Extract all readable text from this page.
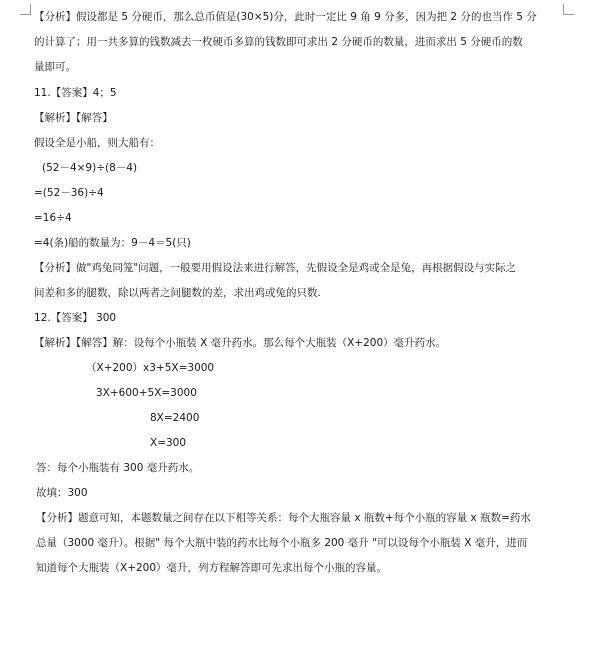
【分析】假设都是 5 分硬币，那么总币值是(30×5)分，此时一定比 9 角 9 分多，因为把 2 分的也当作 5 分
的计算了；用一共多算的钱数减去一枚硬币多算的钱数即可求出 2 分硬币的数量，进而求出 5 分硬币的数
量即可。
11.【答案】4；5
【解析】【解答】
假设全是小船，则大船有：
(52－4×9)÷(8－4)
=(52－36)÷4
=16÷4
=4(条)船的数量为：9－4＝5(只)
【分析】做"鸡兔同笼"问题，一般要用假设法来进行解答，先假设全是鸡或全是兔，再根据假设与实际之
间差和多的腿数，除以两者之间腿数的差，求出鸡或兔的只数.
12.【答案】 300
【解析】【解答】解：设每个小瓶装 X 毫升药水。那么每个大瓶装（X+200）毫升药水。
（X+200）x3+5X=3000
3X+600+5X=3000
8X=2400
X=300
答：每个小瓶装有 300 毫升药水。
故填：300
【分析】题意可知，本题数量之间存在以下相等关系：每个大瓶容量 x 瓶数+每个小瓶的容量 x 瓶数=药水
总量（3000 毫升）。根据" 每个大瓶中装的药水比每个小瓶多 200 毫升 "可以设每个小瓶装 X 毫升，进而
知道每个大瓶装（X+200）毫升，列方程解答即可先求出每个小瓶的容量。
